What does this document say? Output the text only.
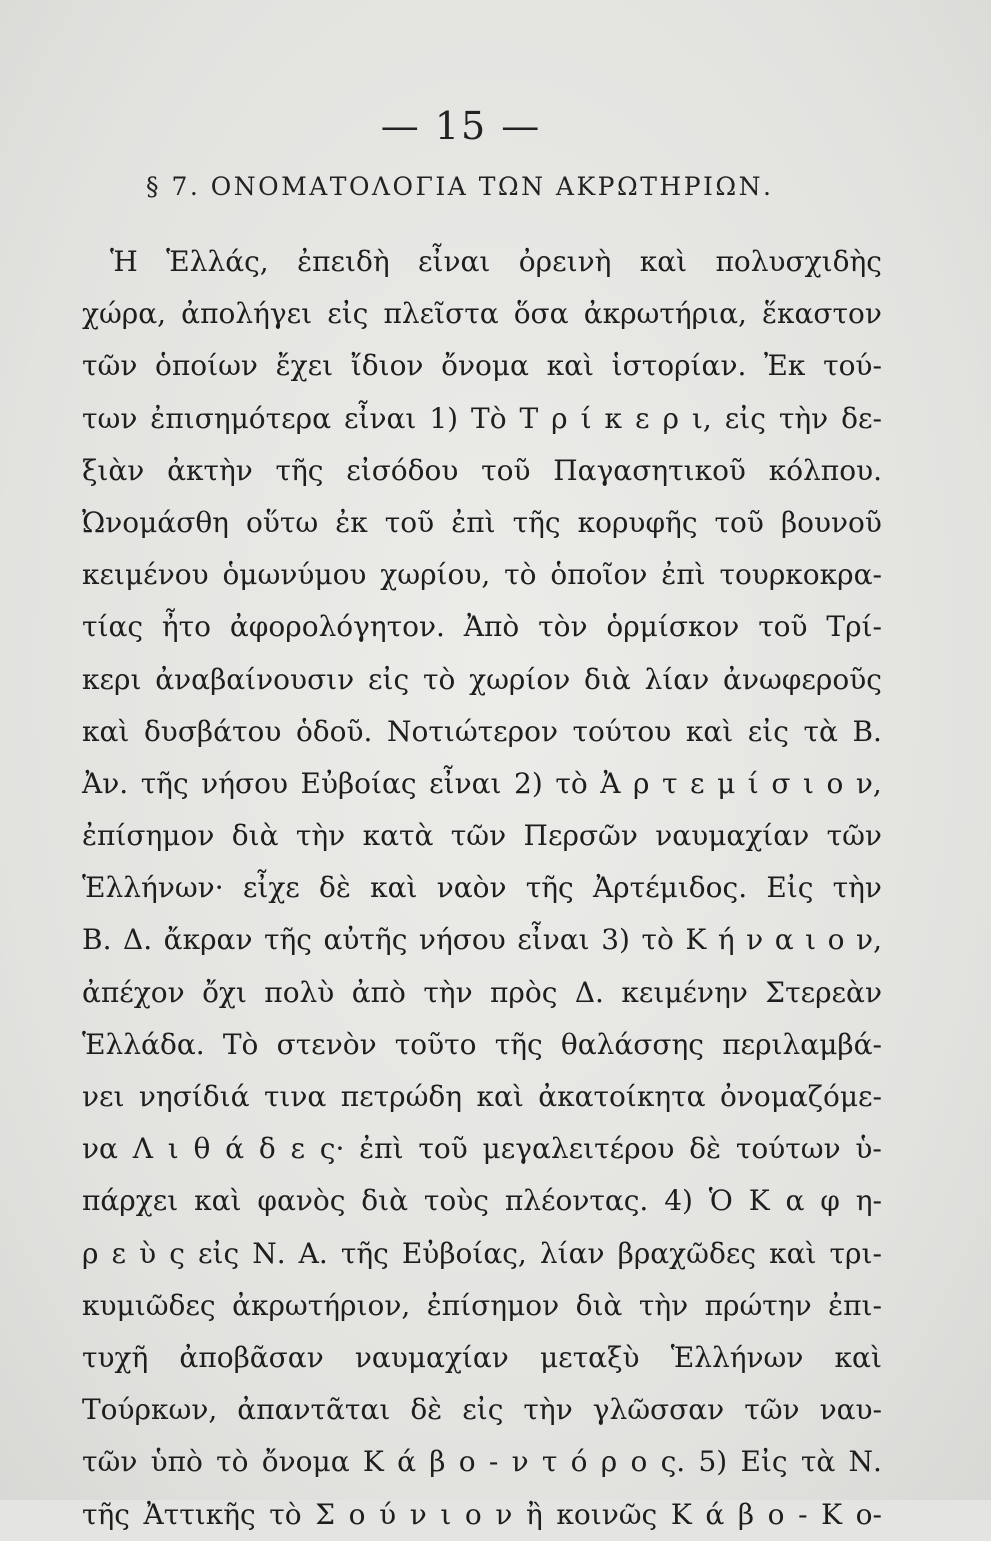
— 15 —
§ 7. ΟΝΟΜΑΤΟΛΟΓΙΑ ΤΩΝ ΑΚΡΩΤΗΡΙΩΝ.
Ἡ Ἑλλάς, ἐπειδὴ εἶναι ὀρεινὴ καὶ πολυσχιδὴς
χώρα, ἀπολήγει εἰς πλεῖστα ὅσα ἀκρωτήρια, ἕκαστον
τῶν ὁποίων ἔχει ἴδιον ὄνομα καὶ ἱστορίαν. Ἐκ τού-
των ἐπισημότερα εἶναι 1) Τὸ Τ ρ ί κ ε ρ ι, εἰς τὴν δε-
ξιὰν ἀκτὴν τῆς εἰσόδου τοῦ Παγασητικοῦ κόλπου.
Ὠνομάσθη οὕτω ἐκ τοῦ ἐπὶ τῆς κορυφῆς τοῦ βουνοῦ
κειμένου ὁμωνύμου χωρίου, τὸ ὁποῖον ἐπὶ τουρκοκρα-
τίας ἦτο ἀφορολόγητον. Ἀπὸ τὸν ὁρμίσκον τοῦ Τρί-
κερι ἀναβαίνουσιν εἰς τὸ χωρίον διὰ λίαν ἀνωφεροῦς
καὶ δυσβάτου ὁδοῦ. Νοτιώτερον τούτου καὶ εἰς τὰ Β.
Ἀν. τῆς νήσου Εὐβοίας εἶναι 2) τὸ Ἀ ρ τ ε μ ί σ ι ο ν,
ἐπίσημον διὰ τὴν κατὰ τῶν Περσῶν ναυμαχίαν τῶν
Ἑλλήνων· εἶχε δὲ καὶ ναὸν τῆς Ἀρτέμιδος. Εἰς τὴν
Β. Δ. ἄκραν τῆς αὐτῆς νήσου εἶναι 3) τὸ Κ ή ν α ι ο ν,
ἀπέχον ὄχι πολὺ ἀπὸ τὴν πρὸς Δ. κειμένην Στερεὰν
Ἑλλάδα. Τὸ στενὸν τοῦτο τῆς θαλάσσης περιλαμβά-
νει νησίδιά τινα πετρώδη καὶ ἀκατοίκητα ὀνομαζόμε-
να Λ ι θ ά δ ε ς· ἐπὶ τοῦ μεγαλειτέρου δὲ τούτων ὑ-
πάρχει καὶ φανὸς διὰ τοὺς πλέοντας. 4) Ὁ Κ α φ η-
ρ ε ὺ ς εἰς Ν. Α. τῆς Εὐβοίας, λίαν βραχῶδες καὶ τρι-
κυμιῶδες ἀκρωτήριον, ἐπίσημον διὰ τὴν πρώτην ἐπι-
τυχῆ ἀποβᾶσαν ναυμαχίαν μεταξὺ Ἑλλήνων καὶ
Τούρκων, ἀπαντᾶται δὲ εἰς τὴν γλῶσσαν τῶν ναυ-
τῶν ὑπὸ τὸ ὄνομα Κ ά β ο - ν τ ό ρ ο ς. 5) Εἰς τὰ Ν.
τῆς Ἀττικῆς τὸ Σ ο ύ ν ι ο ν ἢ κοινῶς Κ ά β ο - Κ ο-
